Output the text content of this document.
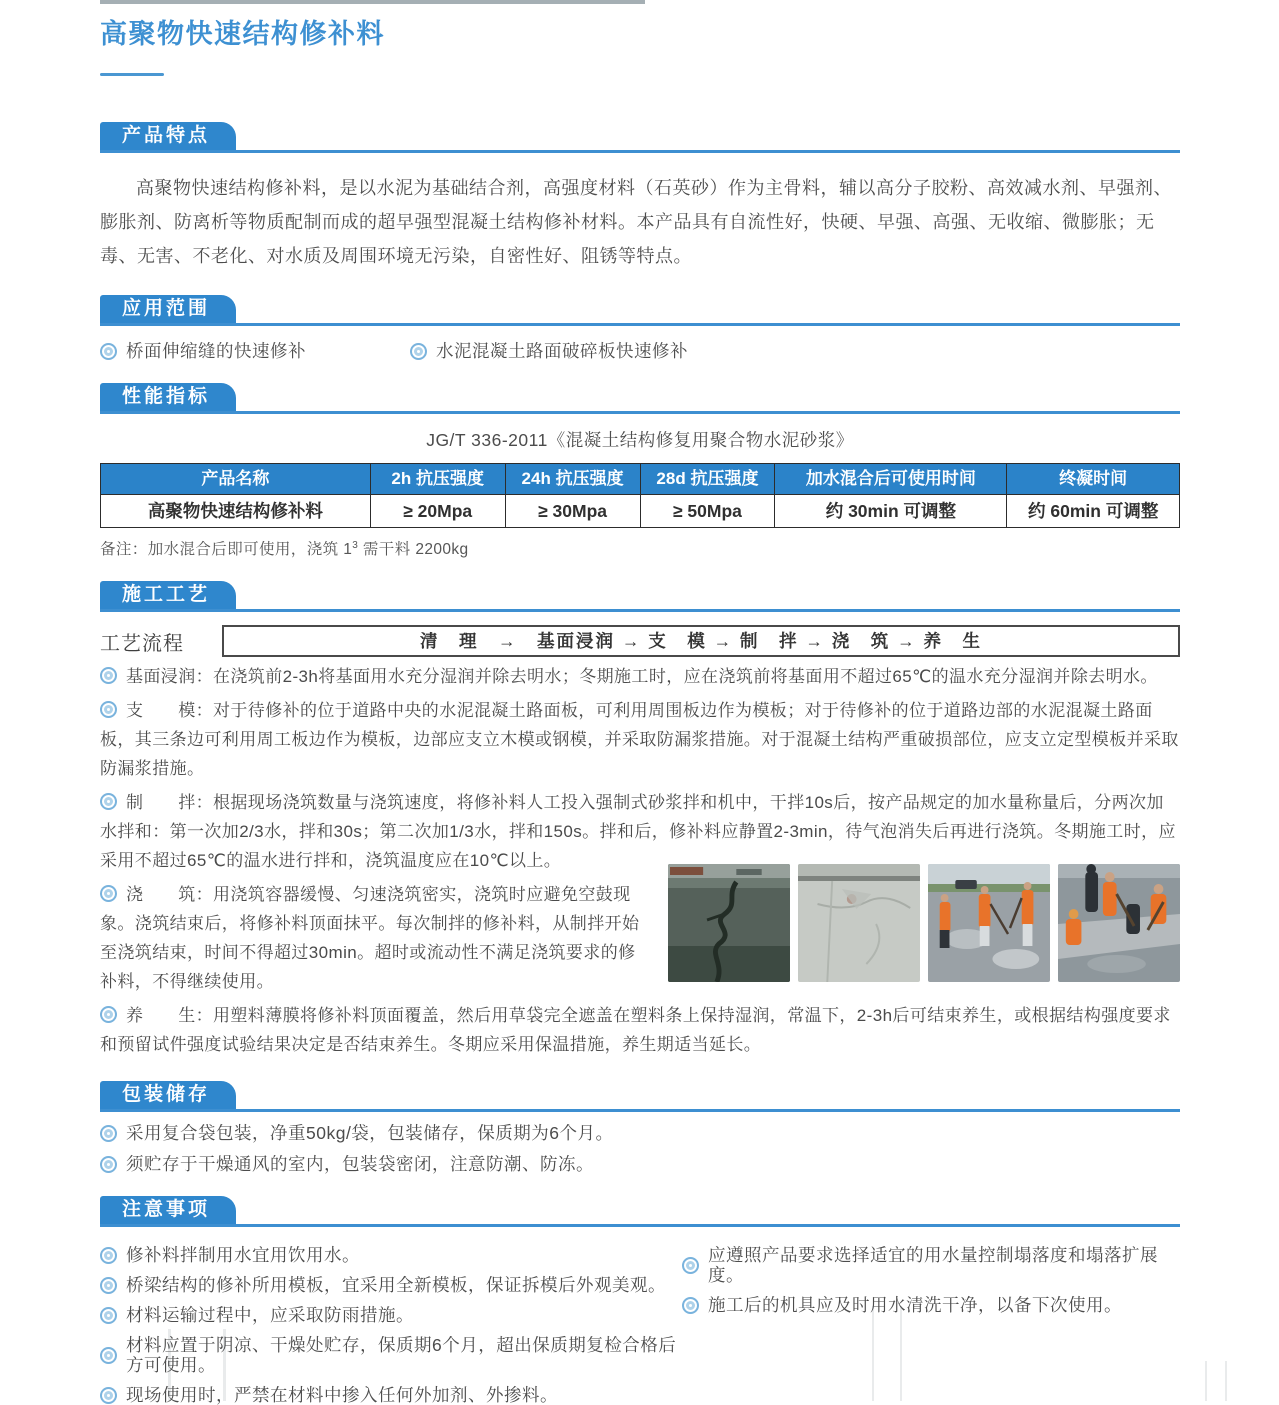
高聚物快速结构修补料
产品特点
高聚物快速结构修补料，是以水泥为基础结合剂，高强度材料（石英砂）作为主骨料，辅以高分子胶粉、高效减水剂、早强剂、膨胀剂、防离析等物质配制而成的超早强型混凝土结构修补材料。本产品具有自流性好，快硬、早强、高强、无收缩、微膨胀；无毒、无害、不老化、对水质及周围环境无污染，自密性好、阻锈等特点。
应用范围
桥面伸缩缝的快速修补	水泥混凝土路面破碎板快速修补
性能指标
JG/T 336-2011《混凝土结构修复用聚合物水泥砂浆》
产品名称	2h 抗压强度	24h 抗压强度	28d 抗压强度	加水混合后可使用时间	终凝时间
高聚物快速结构修补料	≥ 20Mpa	≥ 30Mpa	≥ 50Mpa	约 30min 可调整	约 60min 可调整
备注：加水混合后即可使用，浇筑 $1^3$ 需干料 2200kg
施工工艺
工艺流程	清　理　→　基面浸润 → 支　模 → 制　拌 → 浇　筑 → 养　生

基面浸润：在浇筑前2-3h将基面用水充分湿润并除去明水；冬期施工时，应在浇筑前将基面用不超过65℃的温水充分湿润并除去明水。

支　　模：对于待修补的位于道路中央的水泥混凝土路面板，可利用周围板边作为模板；对于待修补的位于道路边部的水泥混凝土路面板，其三条边可利用周工板边作为模板，边部应支立木模或钢模，并采取防漏浆措施。对于混凝土结构严重破损部位，应支立定型模板并采取防漏浆措施。

制　　拌：根据现场浇筑数量与浇筑速度，将修补料人工投入强制式砂浆拌和机中，干拌10s后，按产品规定的加水量称量后，分两次加水拌和：第一次加2/3水，拌和30s；第二次加1/3水，拌和150s。拌和后，修补料应静置2-3min，待气泡消失后再进行浇筑。冬期施工时，应采用不超过65℃的温水进行拌和，浇筑温度应在10℃以上。

浇　　筑：用浇筑容器缓慢、匀速浇筑密实，浇筑时应避免空鼓现象。浇筑结束后，将修补料顶面抹平。每次制拌的修补料，从制拌开始至浇筑结束，时间不得超过30min。超时或流动性不满足浇筑要求的修补料，不得继续使用。

养　　生：用塑料薄膜将修补料顶面覆盖，然后用草袋完全遮盖在塑料条上保持湿润，常温下，2-3h后可结束养生，或根据结构强度要求和预留试件强度试验结果决定是否结束养生。冬期应采用保温措施，养生期适当延长。

包装储存
采用复合袋包装，净重50kg/袋，包装储存，保质期为6个月。
须贮存于干燥通风的室内，包装袋密闭，注意防潮、防冻。
注意事项
修补料拌制用水宜用饮用水。
桥梁结构的修补所用模板，宜采用全新模板，保证拆模后外观美观。
材料运输过程中，应采取防雨措施。
材料应置于阴凉、干燥处贮存，保质期6个月，超出保质期复检合格后方可使用。
现场使用时，严禁在材料中掺入任何外加剂、外掺料。
应遵照产品要求选择适宜的用水量控制塌落度和塌落扩展度。
施工后的机具应及时用水清洗干净，以备下次使用。
